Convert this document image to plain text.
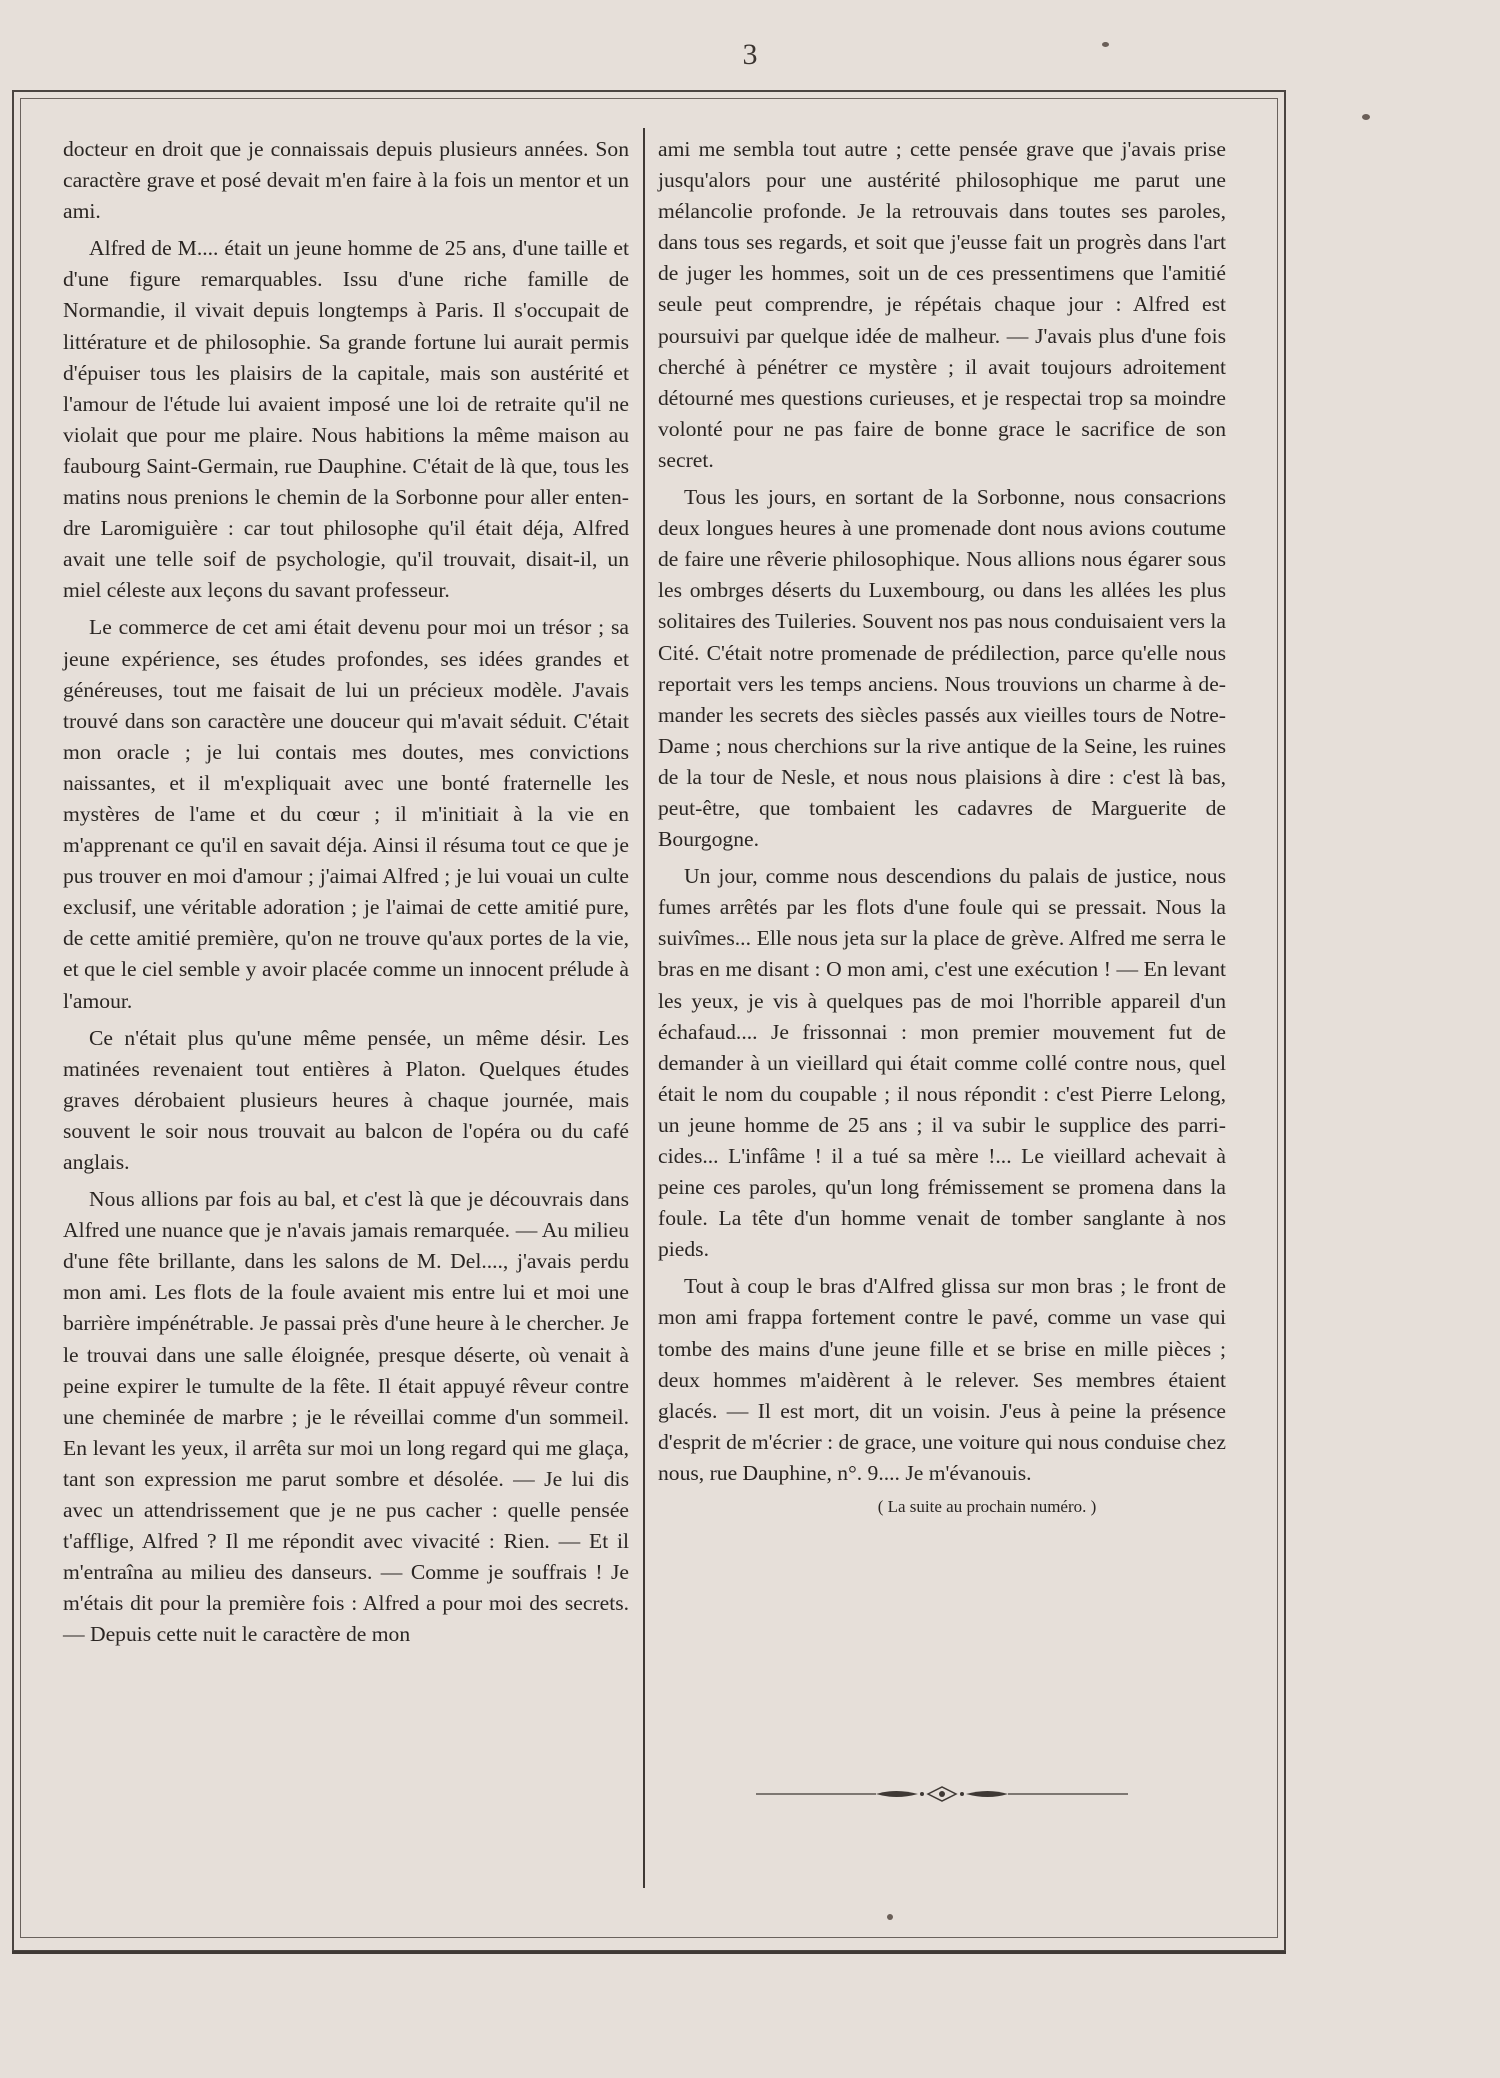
3

docteur en droit que je connaissais depuis plusieurs années. Son caractère grave et posé devait m'en faire à la fois un mentor et un ami.

Alfred de M.... était un jeune homme de 25 ans, d'une taille et d'une figure remarquables. Issu d'une riche famille de Normandie, il vivait depuis longtemps à Paris. Il s'occupait de littérature et de philosophie. Sa grande fortune lui aurait permis d'épuiser tous les plaisirs de la capitale, mais son austérité et l'amour de l'étude lui avaient imposé une loi de retraite qu'il ne violait que pour me plaire. Nous habitions la même maison au faubourg Saint-Germain, rue Dauphine. C'était de là que, tous les matins nous prenions le chemin de la Sorbonne pour aller entendre Laromiguière : car tout philosophe qu'il était déja, Alfred avait une telle soif de psychologie, qu'il trouvait, disait-il, un miel céleste aux leçons du savant professeur.

Le commerce de cet ami était devenu pour moi un trésor ; sa jeune expérience, ses études profondes, ses idées grandes et généreuses, tout me faisait de lui un précieux modèle. J'avais trouvé dans son caractère une douceur qui m'avait séduit. C'était mon oracle ; je lui contais mes doutes, mes convictions naissantes, et il m'expliquait avec une bonté fraternelle les mystères de l'ame et du cœur ; il m'initiait à la vie en m'apprenant ce qu'il en savait déja. Ainsi il résuma tout ce que je pus trouver en moi d'amour ; j'aimai Alfred ; je lui vouai un culte exclusif, une véritable adoration ; je l'aimai de cette amitié pure, de cette amitié première, qu'on ne trouve qu'aux portes de la vie, et que le ciel semble y avoir placée comme un innocent prélude à l'amour.

Ce n'était plus qu'une même pensée, un même désir. Les matinées revenaient tout entières à Platon. Quelques études graves dérobaient plusieurs heures à chaque journée, mais souvent le soir nous trouvait au balcon de l'opéra ou du café anglais.

Nous allions par fois au bal, et c'est là que je découvrais dans Alfred une nuance que je n'avais jamais remarquée. — Au milieu d'une fête brillante, dans les salons de M. Del...., j'avais perdu mon ami. Les flots de la foule avaient mis entre lui et moi une barrière impénétrable. Je passai près d'une heure à le chercher. Je le trouvai dans une salle éloignée, presque déserte, où venait à peine expirer le tumulte de la fête. Il était appuyé rêveur contre une cheminée de marbre ; je le réveillai comme d'un sommeil. En levant les yeux, il arrêta sur moi un long regard qui me glaça, tant son expression me parut sombre et désolée. — Je lui dis avec un attendrissement que je ne pus cacher : quelle pensée t'afflige, Alfred ? Il me répondit avec vivacité : Rien. — Et il m'entraîna au milieu des danseurs. — Comme je souffrais ! Je m'étais dit pour la première fois : Alfred a pour moi des secrets. — Depuis cette nuit le caractère de mon

ami me sembla tout autre ; cette pensée grave que j'avais prise jusqu'alors pour une austérité philosophique me parut une mélancolie profonde. Je la retrouvais dans toutes ses paroles, dans tous ses regards, et soit que j'eusse fait un progrès dans l'art de juger les hommes, soit un de ces pressentimens que l'amitié seule peut comprendre, je répétais chaque jour : Alfred est poursuivi par quelque idée de malheur. — J'avais plus d'une fois cherché à pénétrer ce mystère ; il avait toujours adroitement détourné mes questions curieuses, et je respectai trop sa moindre volonté pour ne pas faire de bonne grace le sacrifice de son secret.

Tous les jours, en sortant de la Sorbonne, nous consacrions deux longues heures à une promenade dont nous avions coutume de faire une rêverie philosophique. Nous allions nous égarer sous les ombrges déserts du Luxembourg, ou dans les allées les plus solitaires des Tuileries. Souvent nos pas nous conduisaient vers la Cité. C'était notre promenade de prédilection, parce qu'elle nous reportait vers les temps anciens. Nous trouvions un charme à demander les secrets des siècles passés aux vieilles tours de Notre-Dame ; nous cherchions sur la rive antique de la Seine, les ruines de la tour de Nesle, et nous nous plaisions à dire : c'est là bas, peut-être, que tombaient les cadavres de Marguerite de Bourgogne.

Un jour, comme nous descendions du palais de justice, nous fumes arrêtés par les flots d'une foule qui se pressait. Nous la suivîmes... Elle nous jeta sur la place de grève. Alfred me serra le bras en me disant : O mon ami, c'est une exécution ! — En levant les yeux, je vis à quelques pas de moi l'horrible appareil d'un échafaud.... Je frissonnai : mon premier mouvement fut de demander à un vieillard qui était comme collé contre nous, quel était le nom du coupable ; il nous répondit : c'est Pierre Lelong, un jeune homme de 25 ans ; il va subir le supplice des parricides... L'infâme ! il a tué sa mère !... Le vieillard achevait à peine ces paroles, qu'un long frémissement se promena dans la foule. La tête d'un homme venait de tomber sanglante à nos pieds.

Tout à coup le bras d'Alfred glissa sur mon bras ; le front de mon ami frappa fortement contre le pavé, comme un vase qui tombe des mains d'une jeune fille et se brise en mille pièces ; deux hommes m'aidèrent à le relever. Ses membres étaient glacés. — Il est mort, dit un voisin. J'eus à peine la présence d'esprit de m'écrier : de grace, une voiture qui nous conduise chez nous, rue Dauphine, n°. 9.... Je m'évanouis.

( La suite au prochain numéro. )
